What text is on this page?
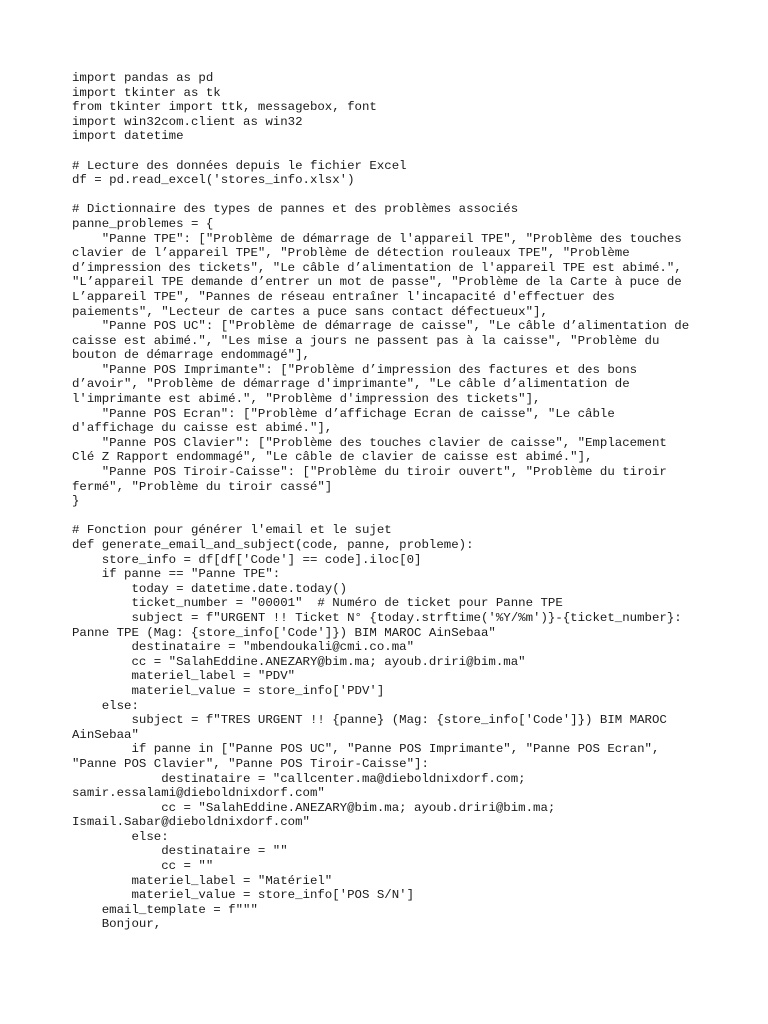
import pandas as pd
import tkinter as tk
from tkinter import ttk, messagebox, font
import win32com.client as win32
import datetime
# Lecture des données depuis le fichier Excel
df = pd.read_excel('stores_info.xlsx')
# Dictionnaire des types de pannes et des problèmes associés
panne_problemes = {
"Panne TPE": ["Problème de démarrage de l'appareil TPE", "Problème des touches
clavier de l’appareil TPE", "Problème de détection rouleaux TPE", "Problème
d’impression des tickets", "Le câble d’alimentation de l'appareil TPE est abimé.",
"L’appareil TPE demande d’entrer un mot de passe", "Problème de la Carte à puce de
L’appareil TPE", "Pannes de réseau entraîner l'incapacité d'effectuer des
paiements", "Lecteur de cartes a puce sans contact défectueux"],
"Panne POS UC": ["Problème de démarrage de caisse", "Le câble d’alimentation de
caisse est abimé.", "Les mise a jours ne passent pas à la caisse", "Problème du
bouton de démarrage endommagé"],
"Panne POS Imprimante": ["Problème d’impression des factures et des bons
d’avoir", "Problème de démarrage d'imprimante", "Le câble d’alimentation de
l'imprimante est abimé.", "Problème d'impression des tickets"],
"Panne POS Ecran": ["Problème d’affichage Ecran de caisse", "Le câble
d'affichage du caisse est abimé."],
"Panne POS Clavier": ["Problème des touches clavier de caisse", "Emplacement
Clé Z Rapport endommagé", "Le câble de clavier de caisse est abimé."],
"Panne POS Tiroir-Caisse": ["Problème du tiroir ouvert", "Problème du tiroir
fermé", "Problème du tiroir cassé"]
}
# Fonction pour générer l'email et le sujet
def generate_email_and_subject(code, panne, probleme):
store_info = df[df['Code'] == code].iloc[0]
if panne == "Panne TPE":
today = datetime.date.today()
ticket_number = "00001"  # Numéro de ticket pour Panne TPE
subject = f"URGENT !! Ticket N° {today.strftime('%Y/%m')}-{ticket_number}:
Panne TPE (Mag: {store_info['Code']}) BIM MAROC AinSebaa"
destinataire = "mbendoukali@cmi.co.ma"
cc = "SalahEddine.ANEZARY@bim.ma; ayoub.driri@bim.ma"
materiel_label = "PDV"
materiel_value = store_info['PDV']
else:
subject = f"TRES URGENT !! {panne} (Mag: {store_info['Code']}) BIM MAROC
AinSebaa"
if panne in ["Panne POS UC", "Panne POS Imprimante", "Panne POS Ecran",
"Panne POS Clavier", "Panne POS Tiroir-Caisse"]:
destinataire = "callcenter.ma@dieboldnixdorf.com;
samir.essalami@dieboldnixdorf.com"
cc = "SalahEddine.ANEZARY@bim.ma; ayoub.driri@bim.ma;
Ismail.Sabar@dieboldnixdorf.com"
else:
destinataire = ""
cc = ""
materiel_label = "Matériel"
materiel_value = store_info['POS S/N']
email_template = f"""
Bonjour,
